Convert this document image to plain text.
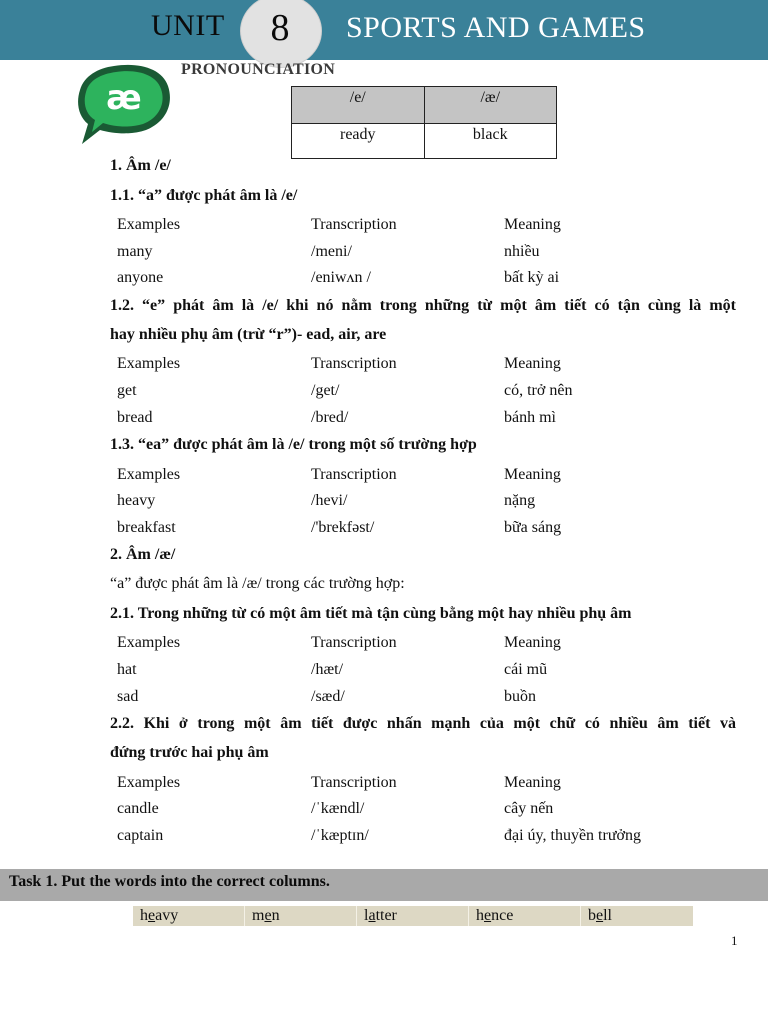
UNIT	8	SPORTS AND GAMES
æ
PRONOUNCIATION
/e/	/æ/
ready	black
1. Âm /e/
1.1. “a” được phát âm là /e/
Examples	Transcription	Meaning
many	/meni/	nhiều
anyone	/eniwʌn /	bất kỳ ai
1.2. “e” phát âm là /e/ khi nó nằm trong những từ một âm tiết có tận cùng là một
hay nhiều phụ âm (trừ “r”)- ead, air, are
Examples	Transcription	Meaning
get	/get/	có, trở nên
bread	/bred/	bánh mì
1.3. “ea” được phát âm là /e/ trong một số trường hợp
Examples	Transcription	Meaning
heavy	/hevi/	nặng
breakfast	/'brekfəst/	bữa sáng
2. Âm /æ/
“a” được phát âm là /æ/ trong các trường hợp:
2.1. Trong những từ có một âm tiết mà tận cùng bằng một hay nhiều phụ âm
Examples	Transcription	Meaning
hat	/hæt/	cái mũ
sad	/sæd/	buồn
2.2. Khi ở trong một âm tiết được nhấn mạnh của một chữ có nhiều âm tiết và
đứng trước hai phụ âm
Examples	Transcription	Meaning
candle	/ˈkændl/	cây nến
captain	/ˈkæptɪn/	đại úy, thuyền trưởng
Task 1. Put the words into the correct columns.
heavy	men	latter	hence	bell
1
